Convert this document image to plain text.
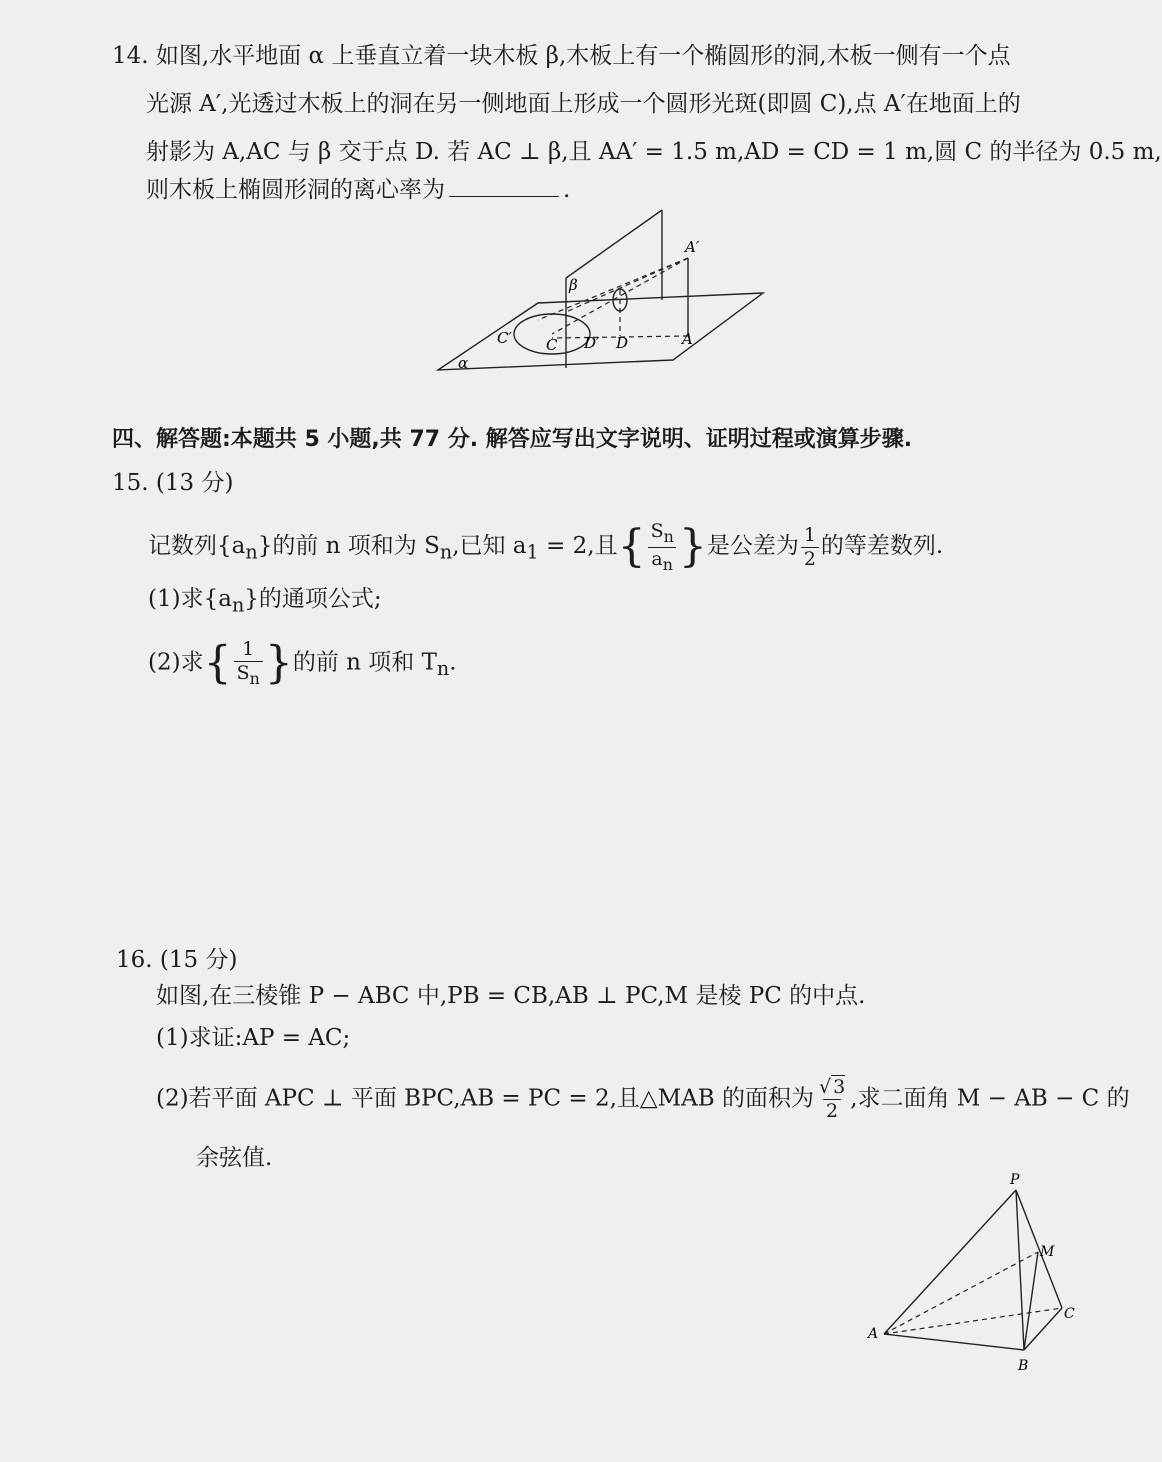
14. 如图,水平地面 α 上垂直立着一块木板 β,木板上有一个椭圆形的洞,木板一侧有一个点
光源 A′,光透过木板上的洞在另一侧地面上形成一个圆形光斑(即圆 C),点 A′在地面上的
射影为 A,AC 与 β 交于点 D. 若 AC ⊥ β,且 AA′ = 1.5 m,AD = CD = 1 m,圆 C 的半径为 0.5 m,
则木板上椭圆形洞的离心率为	.
A′
β
C′ C D′ D	A
α
四、解答题:本题共 5 小题,共 77 分. 解答应写出文字说明、证明过程或演算步骤.
15. (13 分)
记数列$\{a_n\}$的前 n 项和为 $S_n$,已知 $a_1 = 2$,且{ $\frac{S_n}{a_n}$ }是公差为 $\frac{1}{2}$ 的等差数列.
(1)求$\{a_n\}$的通项公式;
(2)求{ $\frac{1}{S_n}$ }的前 n 项和 $T_n$.
16. (15 分)
如图,在三棱锥 P − ABC 中,PB = CB,AB ⊥ PC,M 是棱 PC 的中点.
(1)求证:AP = AC;
(2)若平面 APC ⊥ 平面 BPC,AB = PC = 2,且△MAB 的面积为 $\frac{√ 3}{2}$ ,求二面角 M − AB − C 的
余弦值.
P
M
C
A
B
